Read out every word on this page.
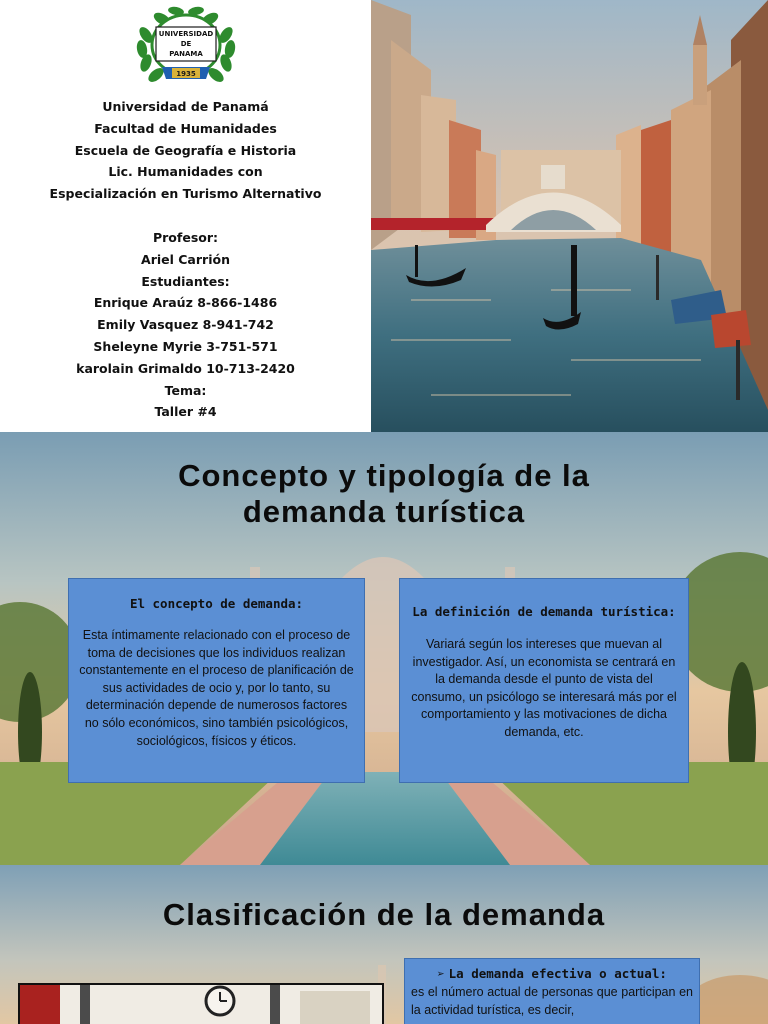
UNIVERSIDAD
DE
PANAMA
1935
Universidad de Panamá
Facultad de Humanidades
Escuela de Geografía e Historia
Lic. Humanidades con
Especialización en Turismo Alternativo
Profesor:
Ariel Carrión
Estudiantes:
Enrique Araúz 8-866-1486
Emily Vasquez 8-941-742
Sheleyne Myrie 3-751-571
karolain Grimaldo 10-713-2420
Tema:
Taller #4
Concepto y tipología de la
demanda turística
El concepto de demanda:
Esta íntimamente relacionado con el proceso de toma de decisiones que los individuos realizan constantemente en el proceso de planificación de sus actividades de ocio y, por lo tanto, su determinación depende de numerosos factores no sólo económicos, sino también psicológicos, sociológicos, físicos y éticos.
La definición de demanda turística:
Variará según los intereses que muevan al investigador. Así, un economista se centrará en la demanda desde el punto de vista del consumo, un psicólogo se interesará más por el comportamiento y las motivaciones de dicha demanda, etc.
Clasificación de la demanda
➢ La demanda efectiva o actual:
es el número actual de personas que participan en la actividad turística, es decir,
